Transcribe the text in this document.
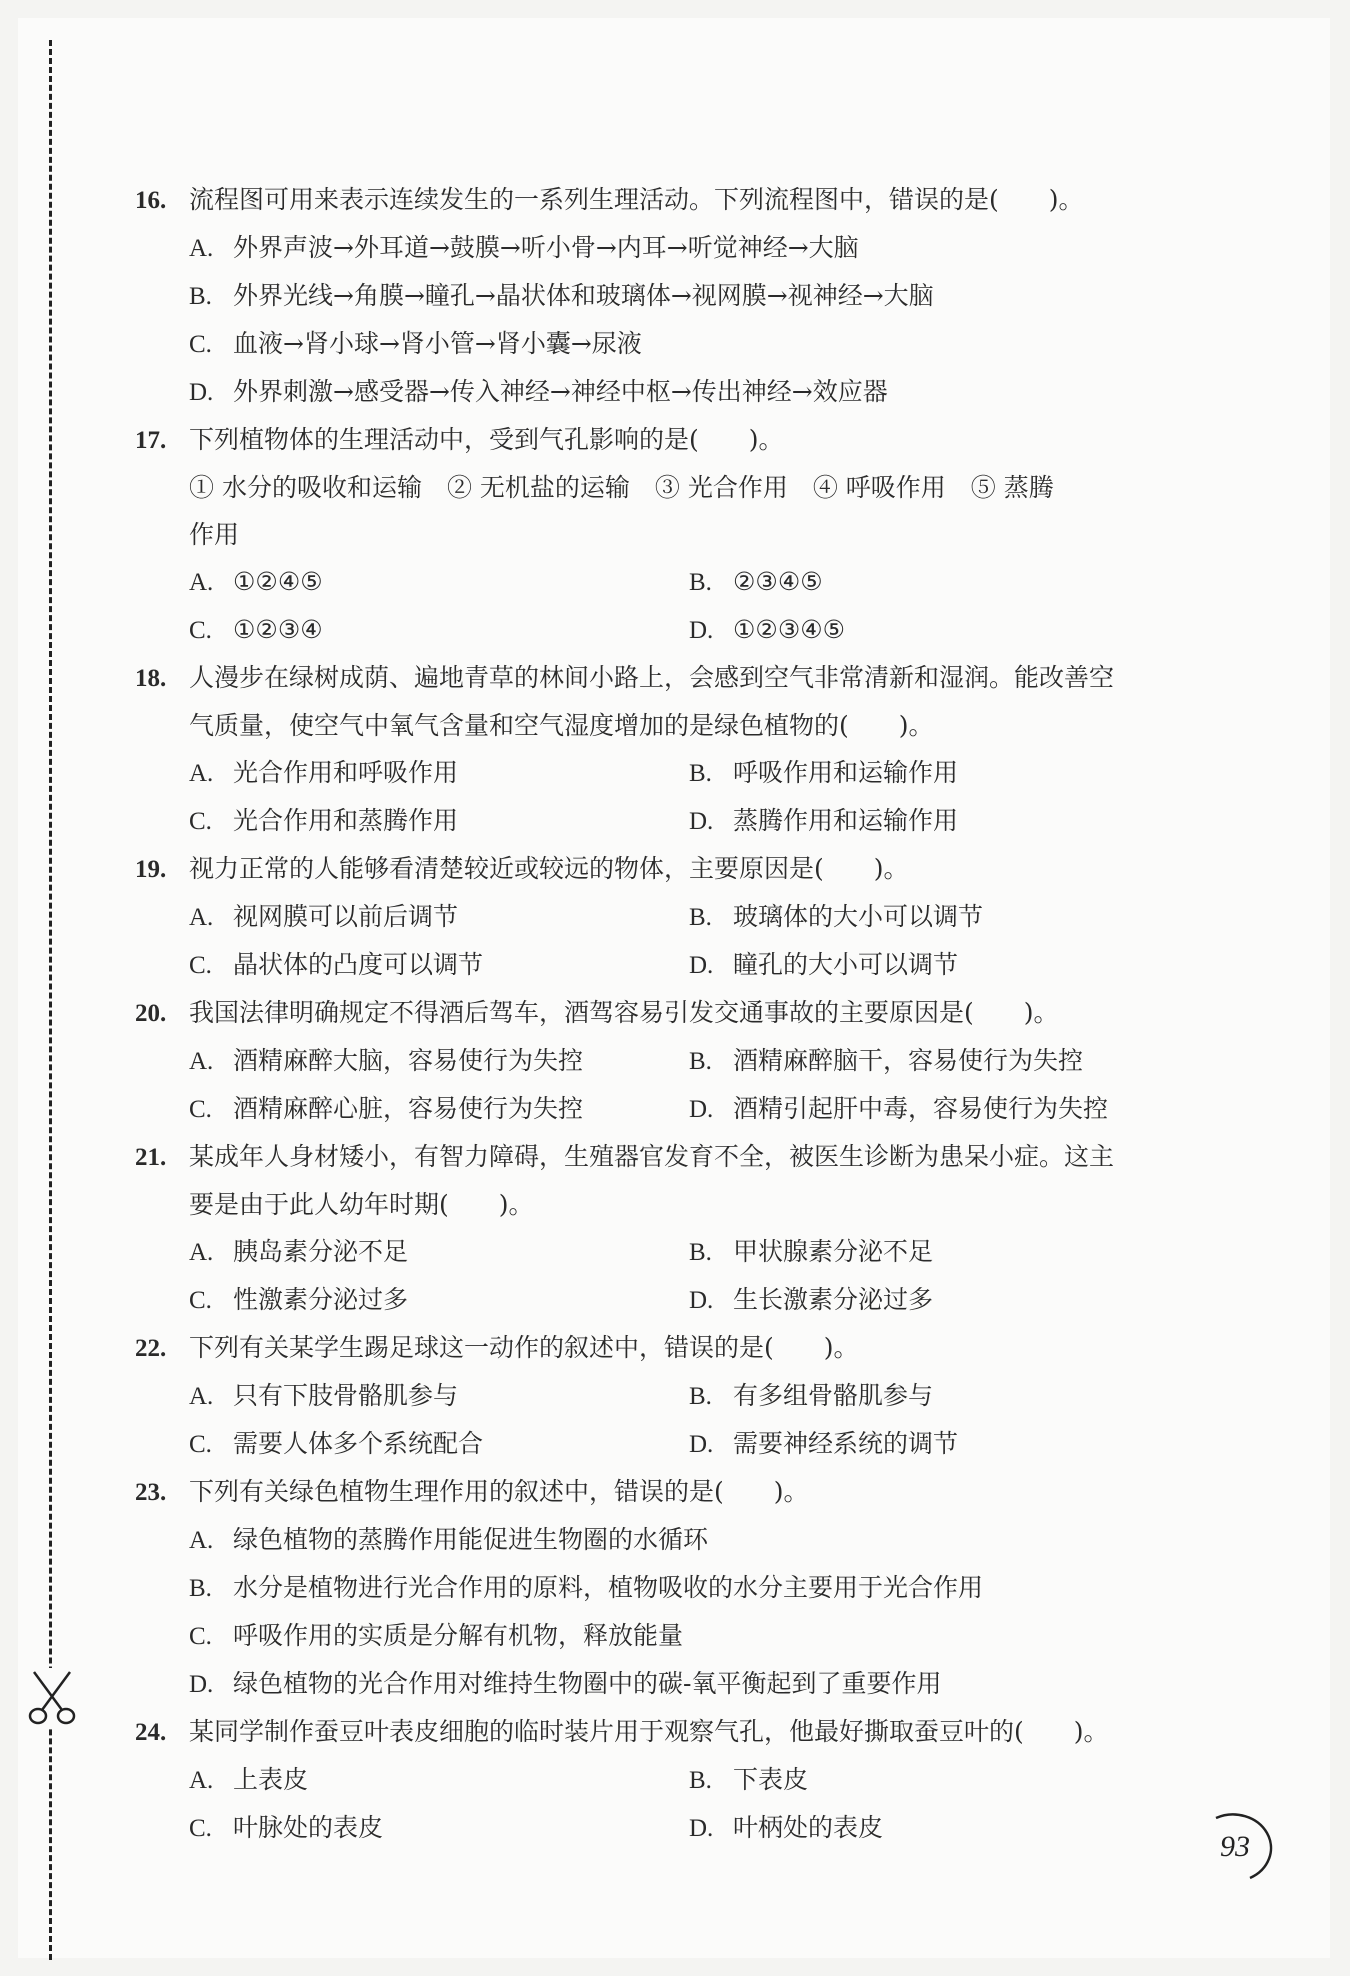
16. 流程图可用来表示连续发生的一系列生理活动。下列流程图中，错误的是(　　)。
A. 外界声波→外耳道→鼓膜→听小骨→内耳→听觉神经→大脑
B. 外界光线→角膜→瞳孔→晶状体和玻璃体→视网膜→视神经→大脑
C. 血液→肾小球→肾小管→肾小囊→尿液
D. 外界刺激→感受器→传入神经→神经中枢→传出神经→效应器
17. 下列植物体的生理活动中，受到气孔影响的是(　　)。
① 水分的吸收和运输　② 无机盐的运输　③ 光合作用　④ 呼吸作用　⑤ 蒸腾
作用
A. ①②④⑤	B. ②③④⑤
C. ①②③④	D. ①②③④⑤
18. 人漫步在绿树成荫、遍地青草的林间小路上，会感到空气非常清新和湿润。能改善空
气质量，使空气中氧气含量和空气湿度增加的是绿色植物的(　　)。
A. 光合作用和呼吸作用	B. 呼吸作用和运输作用
C. 光合作用和蒸腾作用	D. 蒸腾作用和运输作用
19. 视力正常的人能够看清楚较近或较远的物体，主要原因是(　　)。
A. 视网膜可以前后调节	B. 玻璃体的大小可以调节
C. 晶状体的凸度可以调节	D. 瞳孔的大小可以调节
20. 我国法律明确规定不得酒后驾车，酒驾容易引发交通事故的主要原因是(　　)。
A. 酒精麻醉大脑，容易使行为失控	B. 酒精麻醉脑干，容易使行为失控
C. 酒精麻醉心脏，容易使行为失控	D. 酒精引起肝中毒，容易使行为失控
21. 某成年人身材矮小，有智力障碍，生殖器官发育不全，被医生诊断为患呆小症。这主
要是由于此人幼年时期(　　)。
A. 胰岛素分泌不足	B. 甲状腺素分泌不足
C. 性激素分泌过多	D. 生长激素分泌过多
22. 下列有关某学生踢足球这一动作的叙述中，错误的是(　　)。
A. 只有下肢骨骼肌参与	B. 有多组骨骼肌参与
C. 需要人体多个系统配合	D. 需要神经系统的调节
23. 下列有关绿色植物生理作用的叙述中，错误的是(　　)。
A. 绿色植物的蒸腾作用能促进生物圈的水循环
B. 水分是植物进行光合作用的原料，植物吸收的水分主要用于光合作用
C. 呼吸作用的实质是分解有机物，释放能量
D. 绿色植物的光合作用对维持生物圈中的碳-氧平衡起到了重要作用
24. 某同学制作蚕豆叶表皮细胞的临时装片用于观察气孔，他最好撕取蚕豆叶的(　　)。
A. 上表皮	B. 下表皮
C. 叶脉处的表皮	D. 叶柄处的表皮
93
